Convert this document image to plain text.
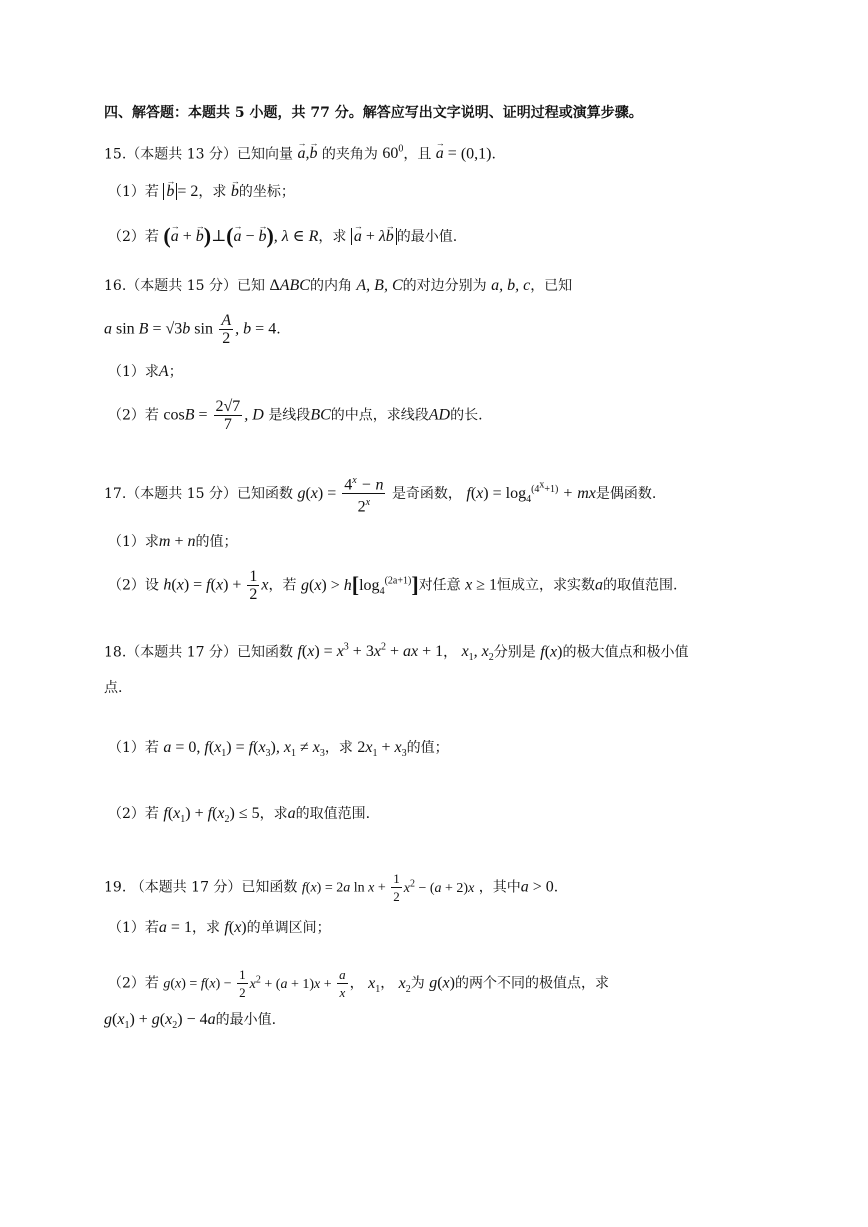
四、解答题：本题共 5 小题，共 77 分。解答应写出文字说明、证明过程或演算步骤。
15.（本题共 13 分）已知向量 → a,→ b 的夹角为 $60^0$，且 → a = (0,1).
（1）若 → b = 2，求 → b的坐标；
（2）若 (→ a + → b)⊥(→ a − → b), λ ∈ R，求 → a + λ→ b 的最小值.
16.（本题共 15 分）已知 ΔABC的内角 A, B, C的对边分别为 a, b, c，已知
a sin B = √3b $\sin \frac{A}{2}$ , b = 4.
（1）求A；
（2）若 $\cos B = \frac{2√7}{7}$ , D 是线段BC的中点，求线段AD的长.
17.（本题共 15 分）已知函数 $g(x) = \frac{4^x - n}{2^x}$ 是奇函数， $f(x) = \log_4^{(4^x+1)}$ + mx是偶函数.
（1）求m + n的值；
（2）设 $h(x) = f(x) + \frac{1}{2}$ x，若 $g(x) > h[\log_4^{(2a+1)}]$对任意 x ≥ 1恒成立，求实数a的取值范围.
18.（本题共 17 分）已知函数 $f(x) = x^3 + 3x^2$ + ax + 1， $x_1$, $x_2$分别是 f(x)的极大值点和极小值
点.
（1）若 a = 0, $f(x_1) = f(x_3)$, $x_1 \ne x_3$，求 $2x_1 + x_3$的值；
（2）若 $f(x_1) + f(x_2) \le 5$，求a的取值范围.
19. （本题共 17 分）已知函数 f(x) = 2a $\ln x + \frac{1}{2} x^2 - (a + 2)x$ ，其中a > 0.
（1）若a = 1，求 f(x)的单调区间；
（2）若 $g(x) = f(x) - \frac{1}{2} x^2 + (a + 1)x + \frac{a}{x}$ ， $x_1$， $x_2$为 g(x)的两个不同的极值点，求
$g(x_1) + g(x_2) - 4a$的最小值.
